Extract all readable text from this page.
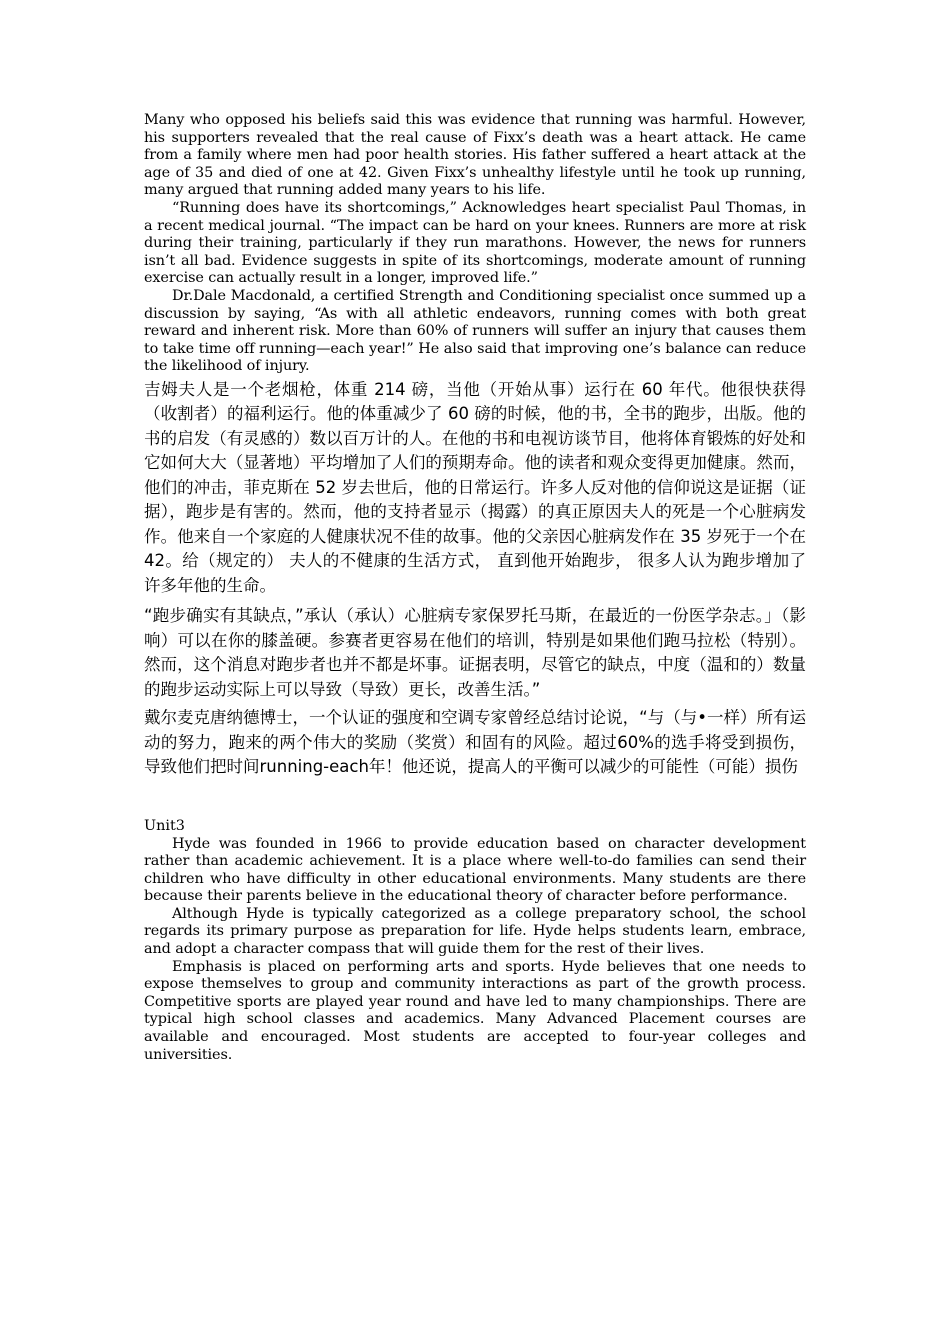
Many who opposed his beliefs said this was evidence that running was harmful. However, his supporters revealed that the real cause of Fixx’s death was a heart attack. He came from a family where men had poor health stories. His father suffered a heart attack at the age of 35 and died of one at 42. Given Fixx’s unhealthy lifestyle until he took up running, many argued that running added many years to his life.

“Running does have its shortcomings,” Acknowledges heart specialist Paul Thomas, in a recent medical journal. “The impact can be hard on your knees. Runners are more at risk during their training, particularly if they run marathons. However, the news for runners isn’t all bad. Evidence suggests in spite of its shortcomings, moderate amount of running exercise can actually result in a longer, improved life.”

Dr.Dale Macdonald, a certified Strength and Conditioning specialist once summed up a discussion by saying, “As with all athletic endeavors, running comes with both great reward and inherent risk. More than 60% of runners will suffer an injury that causes them to take time off running—each year!” He also said that improving one’s balance can reduce the likelihood of injury.

吉姆夫人是一个老烟枪，体重 214 磅，当他（开始从事）运行在 60 年代。他很快获得（收割者）的福利运行。他的体重减少了 60 磅的时候，他的书，全书的跑步，出版。他的书的启发（有灵感的）数以百万计的人。在他的书和电视访谈节目，他将体育锻炼的好处和它如何大大（显著地）平均增加了人们的预期寿命。他的读者和观众变得更加健康。然而，他们的冲击，菲克斯在 52 岁去世后，他的日常运行。许多人反对他的信仰说这是证据（证据），跑步是有害的。然而，他的支持者显示（揭露）的真正原因夫人的死是一个心脏病发作。他来自一个家庭的人健康状况不佳的故事。他的父亲因心脏病发作在 35 岁死于一个在 42。给（规定的） 夫人的不健康的生活方式， 直到他开始跑步， 很多人认为跑步增加了许多年他的生命。

“跑步确实有其缺点，”承认（承认）心脏病专家保罗托马斯，在最近的一份医学杂志。｣（影响）可以在你的膝盖硬。参赛者更容易在他们的培训，特别是如果他们跑马拉松（特别）。然而，这个消息对跑步者也并不都是坏事。证据表明，尽管它的缺点，中度（温和的）数量的跑步运动实际上可以导致（导致）更长，改善生活。”

戴尔麦克唐纳德博士，一个认证的强度和空调专家曾经总结讨论说，“与（与•一样）所有运动的努力，跑来的两个伟大的奖励（奖赏）和固有的风险。超过60%的选手将受到损伤，导致他们把时间running-each年！他还说，提高人的平衡可以减少的可能性（可能）损伤

Unit3

Hyde was founded in 1966 to provide education based on character development rather than academic achievement. It is a place where well-to-do families can send their children who have difficulty in other educational environments. Many students are there because their parents believe in the educational theory of character before performance.

Although Hyde is typically categorized as a college preparatory school, the school regards its primary purpose as preparation for life. Hyde helps students learn, embrace, and adopt a character compass that will guide them for the rest of their lives.

Emphasis is placed on performing arts and sports. Hyde believes that one needs to expose themselves to group and community interactions as part of the growth process. Competitive sports are played year round and have led to many championships. There are typical high school classes and academics. Many Advanced Placement courses are available and encouraged. Most students are accepted to four-year colleges and universities.
